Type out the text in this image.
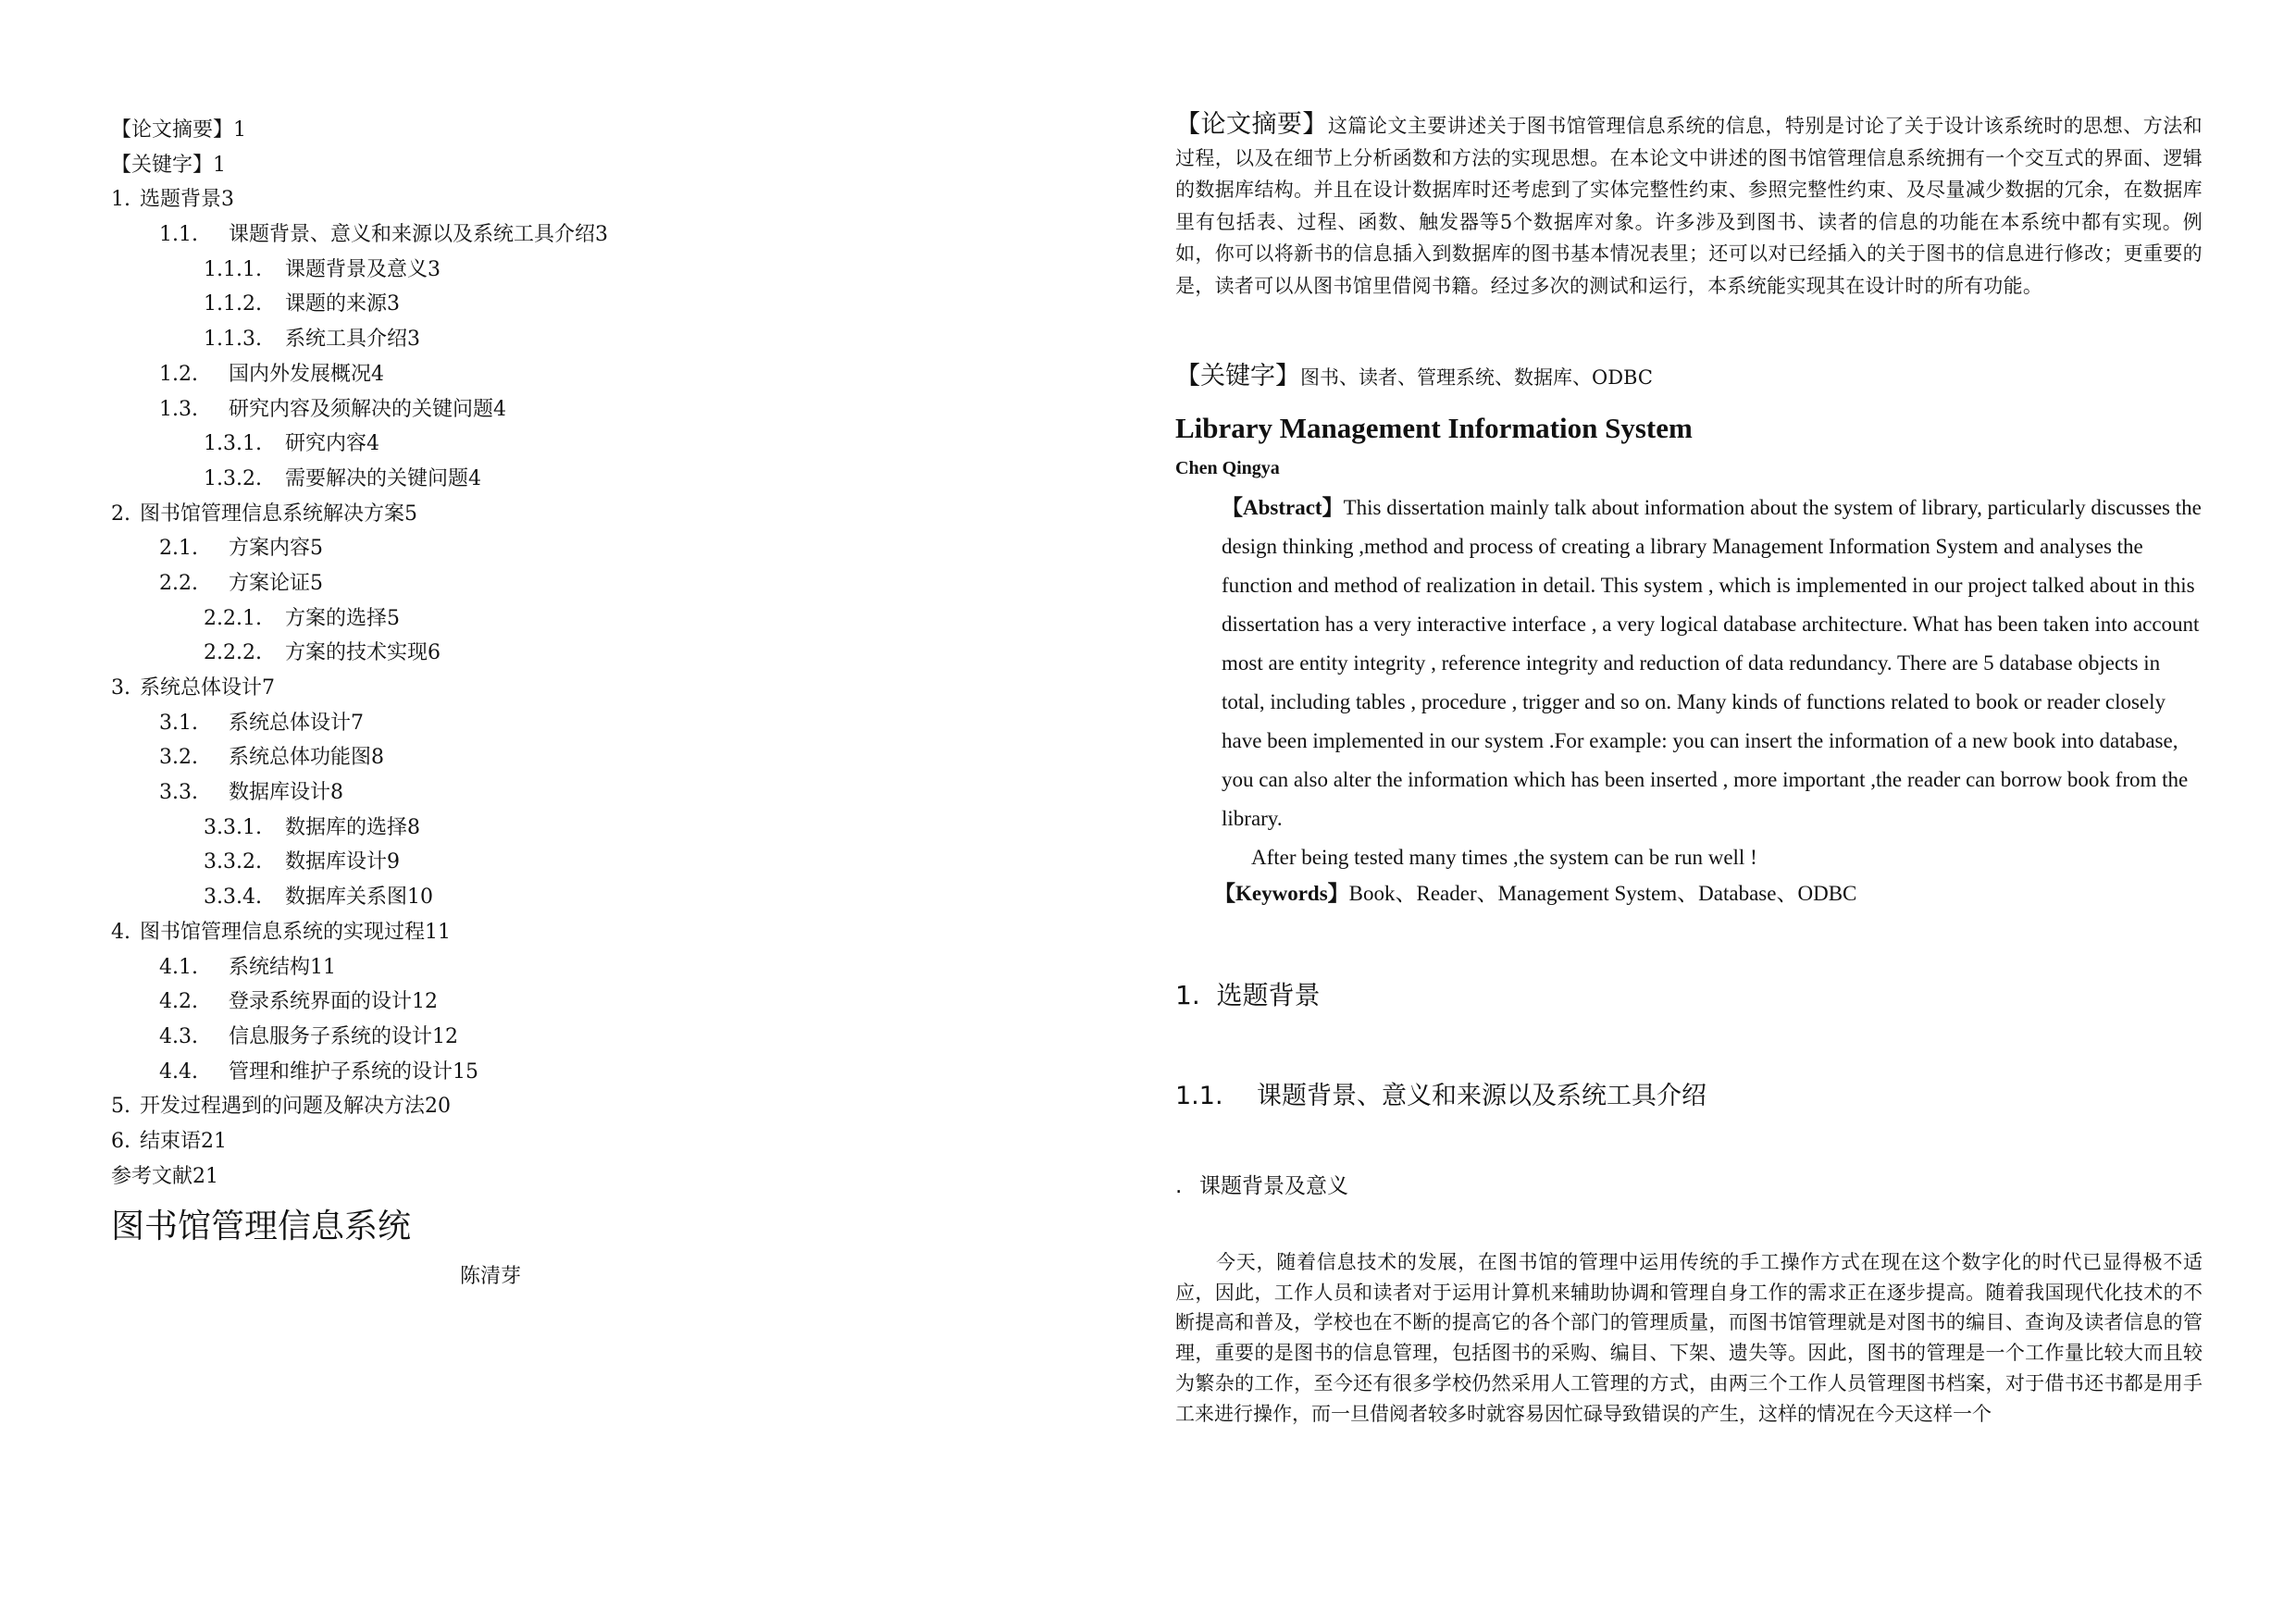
【论文摘要】1
【关键字】1
1. 选题背景3
1.1. 课题背景、意义和来源以及系统工具介绍3
1.1.1. 课题背景及意义3
1.1.2. 课题的来源3
1.1.3. 系统工具介绍3
1.2. 国内外发展概况4
1.3. 研究内容及须解决的关键问题4
1.3.1. 研究内容4
1.3.2. 需要解决的关键问题4
2. 图书馆管理信息系统解决方案5
2.1. 方案内容5
2.2. 方案论证5
2.2.1. 方案的选择5
2.2.2. 方案的技术实现6
3. 系统总体设计7
3.1. 系统总体设计7
3.2. 系统总体功能图8
3.3. 数据库设计8
3.3.1. 数据库的选择8
3.3.2. 数据库设计9
3.3.4. 数据库关系图10
4. 图书馆管理信息系统的实现过程11
4.1. 系统结构11
4.2. 登录系统界面的设计12
4.3. 信息服务子系统的设计12
4.4. 管理和维护子系统的设计15
5. 开发过程遇到的问题及解决方法20
6. 结束语21
参考文献21
图书馆管理信息系统
陈清芽
【论文摘要】这篇论文主要讲述关于图书馆管理信息系统的信息，特别是讨论了关于设计该系统时的思想、方法和过程，以及在细节上分析函数和方法的实现思想。在本论文中讲述的图书馆管理信息系统拥有一个交互式的界面、逻辑的数据库结构。并且在设计数据库时还考虑到了实体完整性约束、参照完整性约束、及尽量减少数据的冗余，在数据库里有包括表、过程、函数、触发器等5个数据库对象。许多涉及到图书、读者的信息的功能在本系统中都有实现。例如，你可以将新书的信息插入到数据库的图书基本情况表里；还可以对已经插入的关于图书的信息进行修改；更重要的是，读者可以从图书馆里借阅书籍。经过多次的测试和运行，本系统能实现其在设计时的所有功能。
【关键字】图书、读者、管理系统、数据库、ODBC
Library Management Information System
Chen Qingya
【Abstract】This dissertation mainly talk about information about the system of library, particularly discusses the design thinking ,method and process of creating a library Management Information System and analyses the function and method of realization in detail. This system , which is implemented in our project talked about in this dissertation has a very interactive interface , a very logical database architecture. What has been taken into account most are entity integrity , reference integrity and reduction of data redundancy. There are 5 database objects in total, including tables , procedure , trigger and so on. Many kinds of functions related to book or reader closely have been implemented in our system .For example: you can insert the information of a new book into database, you can also alter the information which has been inserted , more important ,the reader can borrow book from the library.
After being tested many times ,the system can be run well !
【Keywords】Book、Reader、Management System、Database、ODBC
1. 选题背景
1.1. 课题背景、意义和来源以及系统工具介绍
. 课题背景及意义
今天，随着信息技术的发展，在图书馆的管理中运用传统的手工操作方式在现在这个数字化的时代已显得极不适应，因此，工作人员和读者对于运用计算机来辅助协调和管理自身工作的需求正在逐步提高。随着我国现代化技术的不断提高和普及，学校也在不断的提高它的各个部门的管理质量，而图书馆管理就是对图书的编目、查询及读者信息的管理，重要的是图书的信息管理，包括图书的采购、编目、下架、遗失等。因此，图书的管理是一个工作量比较大而且较为繁杂的工作，至今还有很多学校仍然采用人工管理的方式，由两三个工作人员管理图书档案，对于借书还书都是用手工来进行操作，而一旦借阅者较多时就容易因忙碌导致错误的产生，这样的情况在今天这样一个
